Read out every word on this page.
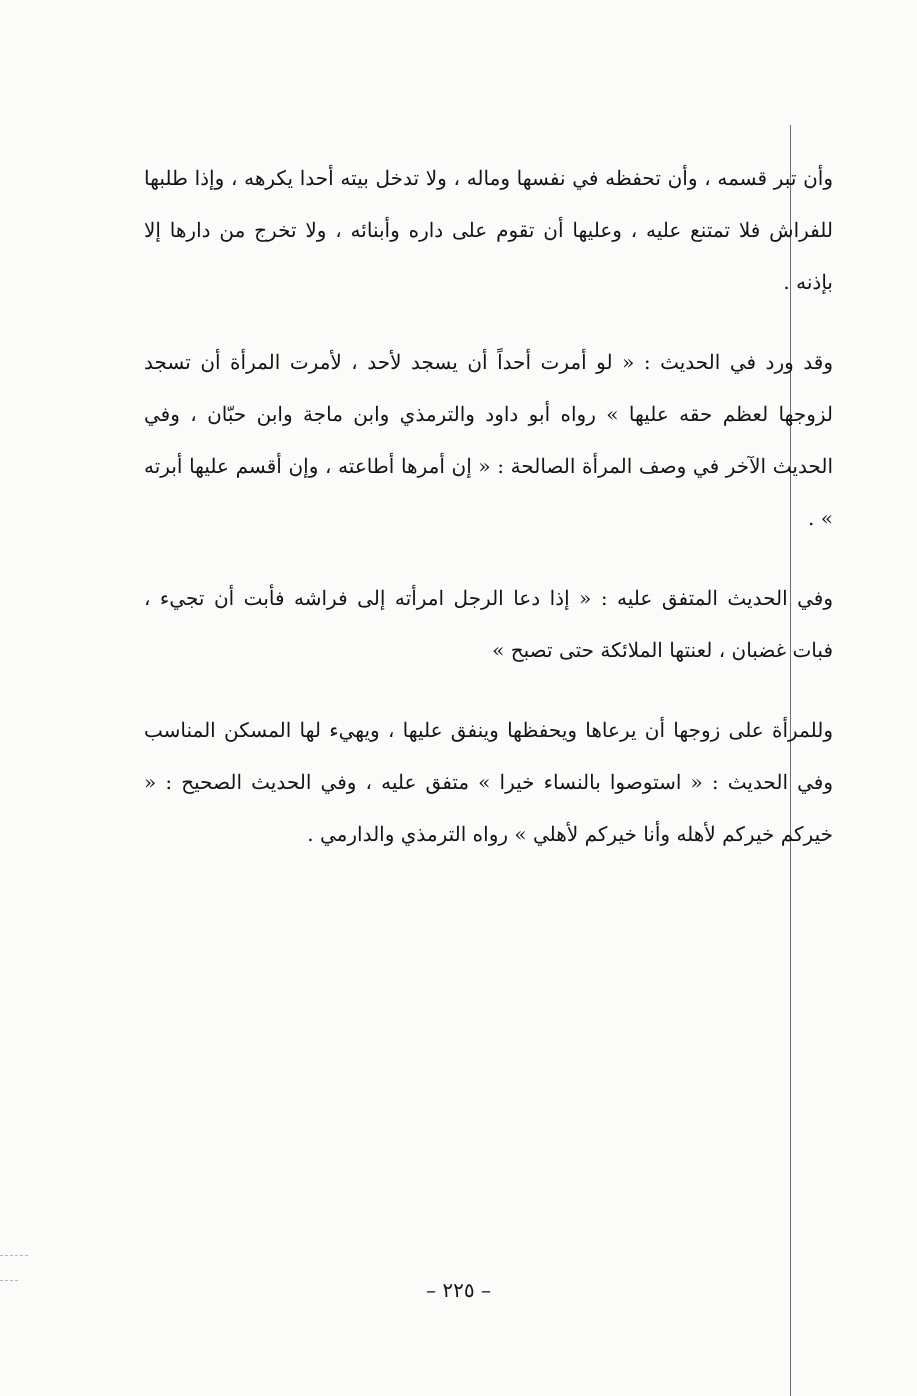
وأن تبر قسمه ، وأن تحفظه في نفسها وماله ، ولا تدخل بيته أحدا يكرهه ، وإذا طلبها للفراش فلا تمتنع عليه ، وعليها أن تقوم على داره وأبنائه ، ولا تخرج من دارها إلا بإذنه .

وقد ورد في الحديث : « لو أمرت أحداً أن يسجد لأحد ، لأمرت المرأة أن تسجد لزوجها لعظم حقه عليها » رواه أبو داود والترمذي وابن ماجة وابن حبّان ، وفي الحديث الآخر في وصف المرأة الصالحة : « إن أمرها أطاعته ، وإن أقسم عليها أبرته » .

وفي الحديث المتفق عليه : « إذا دعا الرجل امرأته إلى فراشه فأبت أن تجيء ، فبات غضبان ، لعنتها الملائكة حتى تصبح »

وللمرأة على زوجها أن يرعاها ويحفظها وينفق عليها ، ويهيء لها المسكن المناسب وفي الحديث : « استوصوا بالنساء خيرا » متفق عليه ، وفي الحديث الصحيح : « خيركم خيركم لأهله وأنا خيركم لأهلي » رواه الترمذي والدارمي .

– ٢٢٥ –
